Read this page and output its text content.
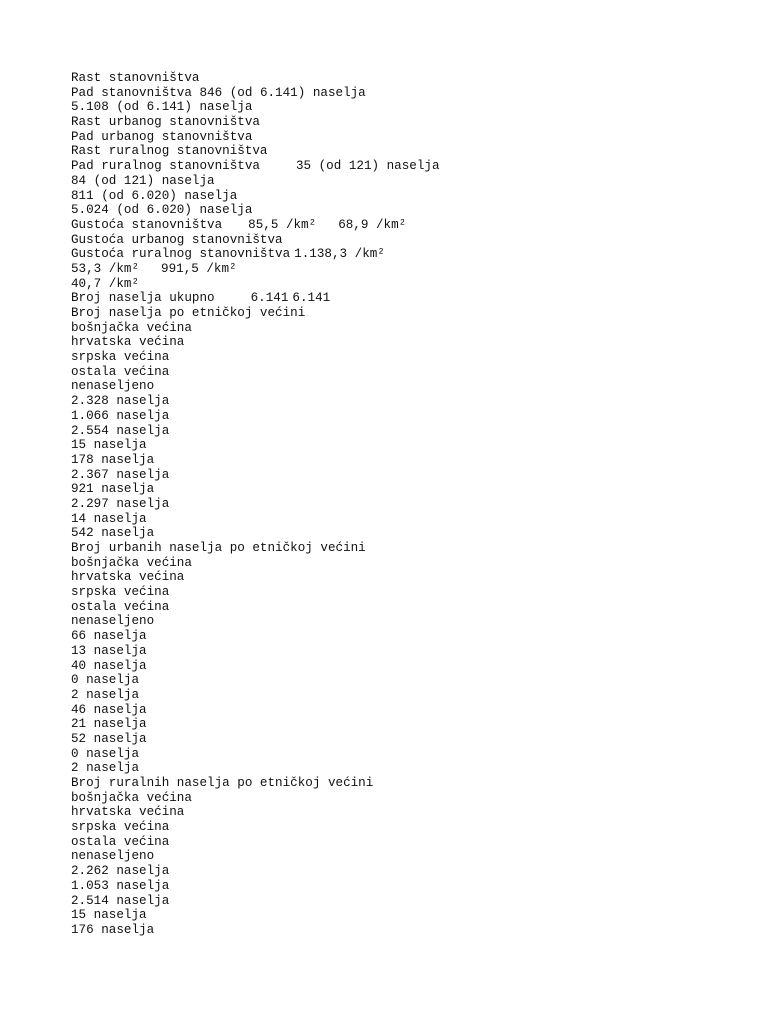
Rast stanovništva
Pad stanovništva 846 (od 6.141) naselja
5.108 (od 6.141) naselja
Rast urbanog stanovništva
Pad urbanog stanovništva
Rast ruralnog stanovništva
Pad ruralnog stanovništva	35 (od 121) naselja
84 (od 121) naselja
811 (od 6.020) naselja
5.024 (od 6.020) naselja
Gustoća stanovništva 85,5 /km² 68,9 /km²
Gustoća urbanog stanovništva
Gustoća ruralnog stanovništva 1.138,3 /km²
53,3 /km² 991,5 /km²
40,7 /km²
Broj naselja ukupno	6.141 6.141
Broj naselja po etničkoj većini
bošnjačka većina
hrvatska većina
srpska većina
ostala većina
nenaseljeno
2.328 naselja
1.066 naselja
2.554 naselja
15 naselja
178 naselja
2.367 naselja
921 naselja
2.297 naselja
14 naselja
542 naselja
Broj urbanih naselja po etničkoj većini
bošnjačka većina
hrvatska većina
srpska većina
ostala većina
nenaseljeno
66 naselja
13 naselja
40 naselja
0 naselja
2 naselja
46 naselja
21 naselja
52 naselja
0 naselja
2 naselja
Broj ruralnih naselja po etničkoj većini
bošnjačka većina
hrvatska većina
srpska većina
ostala većina
nenaseljeno
2.262 naselja
1.053 naselja
2.514 naselja
15 naselja
176 naselja
